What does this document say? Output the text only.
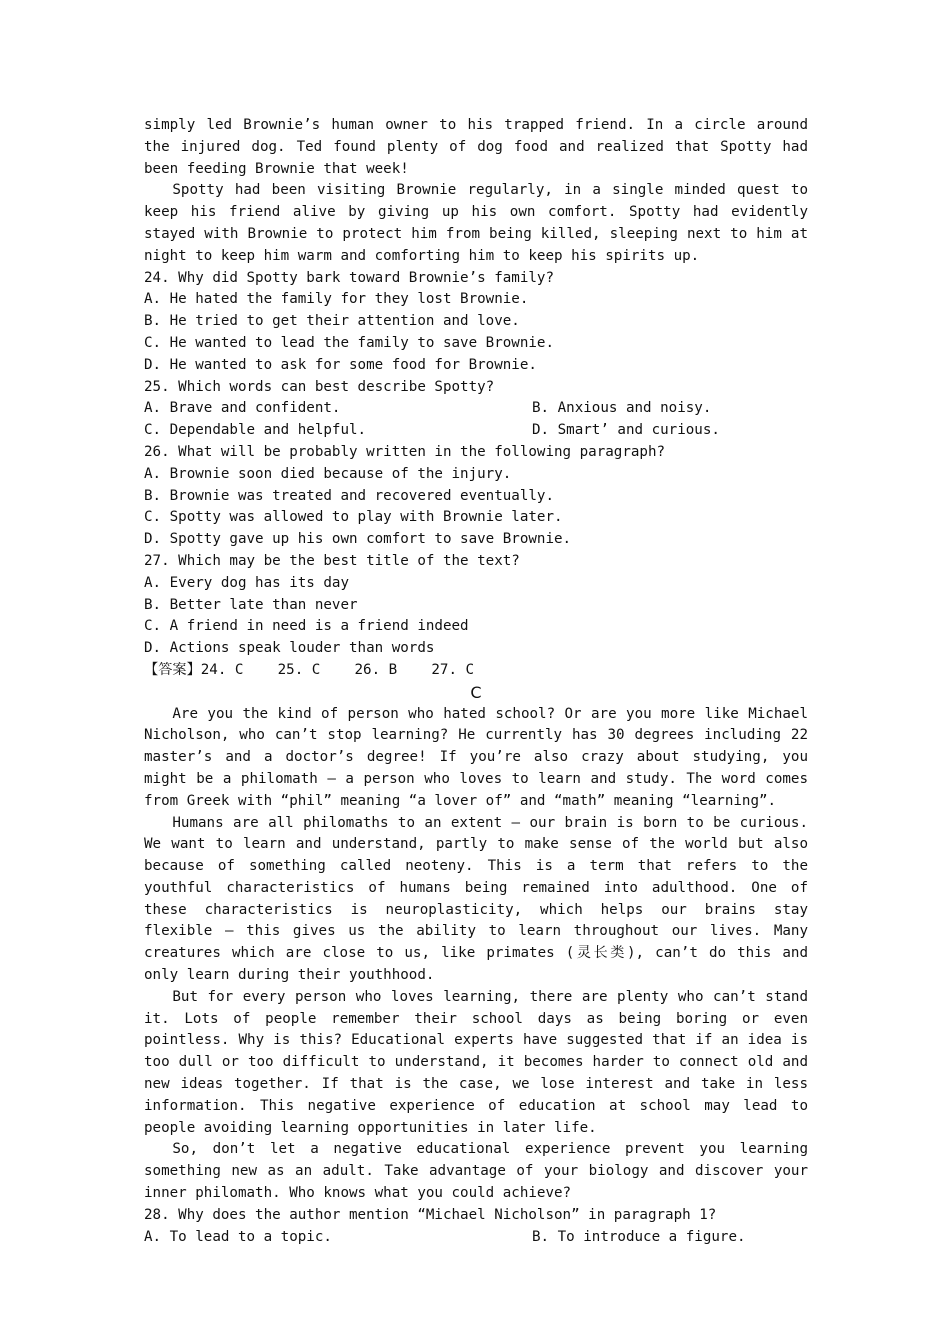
simply led Brownie’s human owner to his trapped friend. In a circle around the injured dog. Ted found plenty of dog food and realized that Spotty had been feeding Brownie that week!

Spotty had been visiting Brownie regularly, in a single minded quest to keep his friend alive by giving up his own comfort. Spotty had evidently stayed with Brownie to protect him from being killed, sleeping next to him at night to keep him warm and comforting him to keep his spirits up.

24. Why did Spotty bark toward Brownie’s family?

A. He hated the family for they lost Brownie.

B. He tried to get their attention and love.

C. He wanted to lead the family to save Brownie.

D. He wanted to ask for some food for Brownie.

25. Which words can best describe Spotty?

A. Brave and confident.	B. Anxious and noisy.
C. Dependable and helpful.	D. Smart’ and curious.

26. What will be probably written in the following paragraph?

A. Brownie soon died because of the injury.

B. Brownie was treated and recovered eventually.

C. Spotty was allowed to play with Brownie later.

D. Spotty gave up his own comfort to save Brownie.

27. Which may be the best title of the text?

A. Every dog has its day

B. Better late than never

C. A friend in need is a friend indeed

D. Actions speak louder than words

【答案】24. C    25. C    26. B    27. C

C

Are you the kind of person who hated school? Or are you more like Michael Nicholson, who can’t stop learning? He currently has 30 degrees including 22 master’s and a doctor’s degree! If you’re also crazy about studying, you might be a philomath — a person who loves to learn and study. The word comes from Greek with “phil” meaning “a lover of” and “math” meaning “learning”.

Humans are all philomaths to an extent — our brain is born to be curious. We want to learn and understand, partly to make sense of the world but also because of something called neoteny. This is a term that refers to the youthful characteristics of humans being remained into adulthood. One of these characteristics is neuroplasticity, which helps our brains stay flexible — this gives us the ability to learn throughout our lives. Many creatures which are close to us, like primates (灵长类), can’t do this and only learn during their youthhood.

But for every person who loves learning, there are plenty who can’t stand it. Lots of people remember their school days as being boring or even pointless. Why is this? Educational experts have suggested that if an idea is too dull or too difficult to understand, it becomes harder to connect old and new ideas together. If that is the case, we lose interest and take in less information. This negative experience of education at school may lead to people avoiding learning opportunities in later life.

So, don’t let a negative educational experience prevent you learning something new as an adult. Take advantage of your biology and discover your inner philomath. Who knows what you could achieve?

28. Why does the author mention “Michael Nicholson” in paragraph 1?

A. To lead to a topic.	B. To introduce a figure.
